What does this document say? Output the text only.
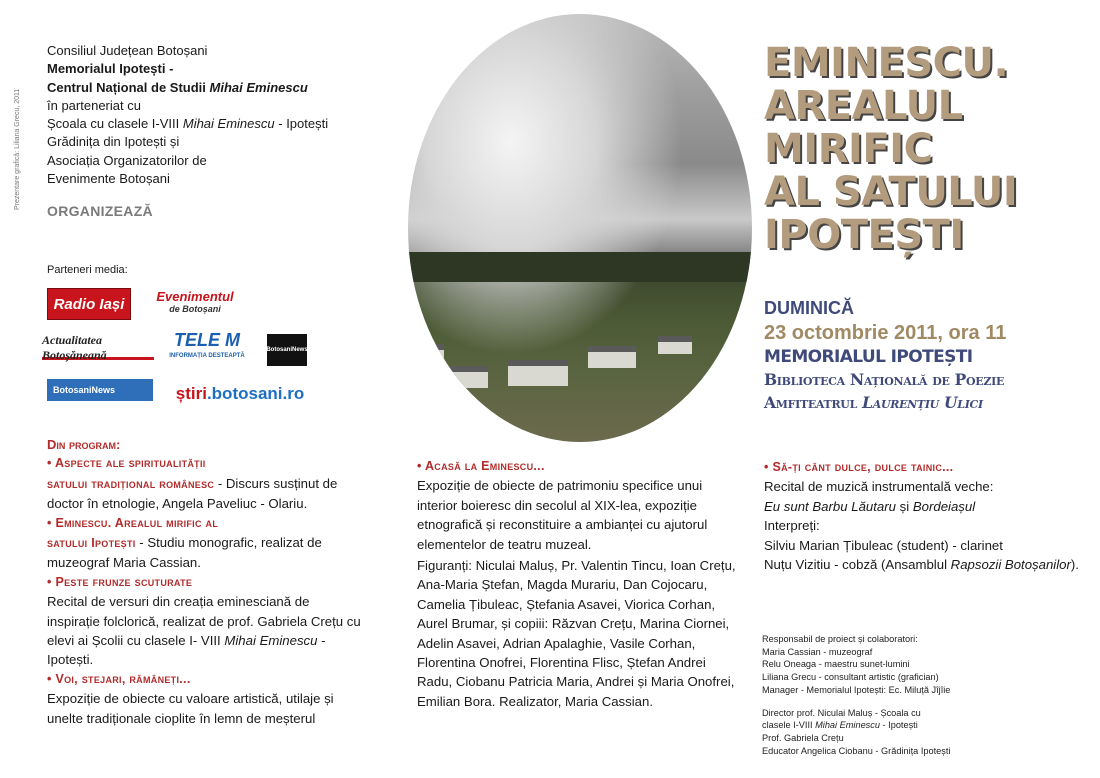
Prezentare grafică: Liliana Grecu, 2011
Consiliul Județean Botoșani
Memorialul Ipotești -
Centrul Național de Studii Mihai Eminescu
în parteneriat cu
Școala cu clasele I-VIII Mihai Eminescu - Ipotești
Grădinița din Ipotești și
Asociația Organizatorilor de
Evenimente Botoșani
ORGANIZEAZĂ
Parteneri media:
Radio Iași Evenimentul
de Botoșani
Actualitatea Botoșăneană
TELE M
INFORMAȚIA DESTEAPTĂ
BotosaniNews
BotosaniNews	știri .botosani.ro
EMINESCU.
AREALUL
MIRIFIC
AL SATULUI
IPOTEȘTI
DUMINICĂ
23 octombrie 2011, ora 11
MEMORIALUL IPOTEȘTI
Biblioteca Națională de Poezie
Amfiteatrul Laurențiu Ulici
Din program:
• Aspecte ale spiritualității
satului tradițional românesc - Discurs susținut de doctor în etnologie, Angela Paveliuc - Olariu.
• Eminescu. Arealul mirific al
satului Ipotești - Studiu monografic, realizat de muzeograf Maria Cassian.
• Peste frunze scuturate
Recital de versuri din creația eminesciană de inspirație folclorică, realizat de prof. Gabriela Crețu cu elevi ai Școlii cu clasele I- VIII Mihai Eminescu - Ipotești.
• Voi, stejari, rămâneți...
Expoziție de obiecte cu valoare artistică, utilaje și unelte tradiționale cioplite în lemn de meșterul
• Acasă la Eminescu...
Expoziție de obiecte de patrimoniu specifice unui interior boieresc din secolul al XIX-lea, expoziție etnografică și reconstituire a ambianței cu ajutorul elementelor de teatru muzeal.
Figuranți: Niculai Maluș, Pr. Valentin Tincu, Ioan Crețu, Ana-Maria Ștefan, Magda Murariu, Dan Cojocaru, Camelia Țibuleac, Ștefania Asavei, Viorica Corhan, Aurel Brumar, și copiii: Răzvan Crețu, Marina Ciornei, Adelin Asavei, Adrian Apalaghie, Vasile Corhan, Florentina Onofrei, Florentina Flisc, Ștefan Andrei Radu, Ciobanu Patricia Maria, Andrei și Maria Onofrei, Emilian Bora. Realizator, Maria Cassian.
• Să-ți cânt dulce, dulce tainic...
Recital de muzică instrumentală veche:
Eu sunt Barbu Lăutaru și Bordeiașul
Interpreți:
Silviu Marian Țibuleac (student) - clarinet
Nuțu Vizitiu - cobză (Ansamblul Rapsozii Botoșanilor).
Responsabil de proiect și colaboratori:
Maria Cassian - muzeograf
Relu Oneaga - maestru sunet-lumini
Liliana Grecu - consultant artistic (grafician)
Manager - Memorialul Ipotești: Ec. Miluță Jîjîie
Director prof. Niculai Maluș - Școala cu
clasele I-VIII Mihai Eminescu - Ipotești
Prof. Gabriela Crețu
Educator Angelica Ciobanu - Grădinița Ipotești
